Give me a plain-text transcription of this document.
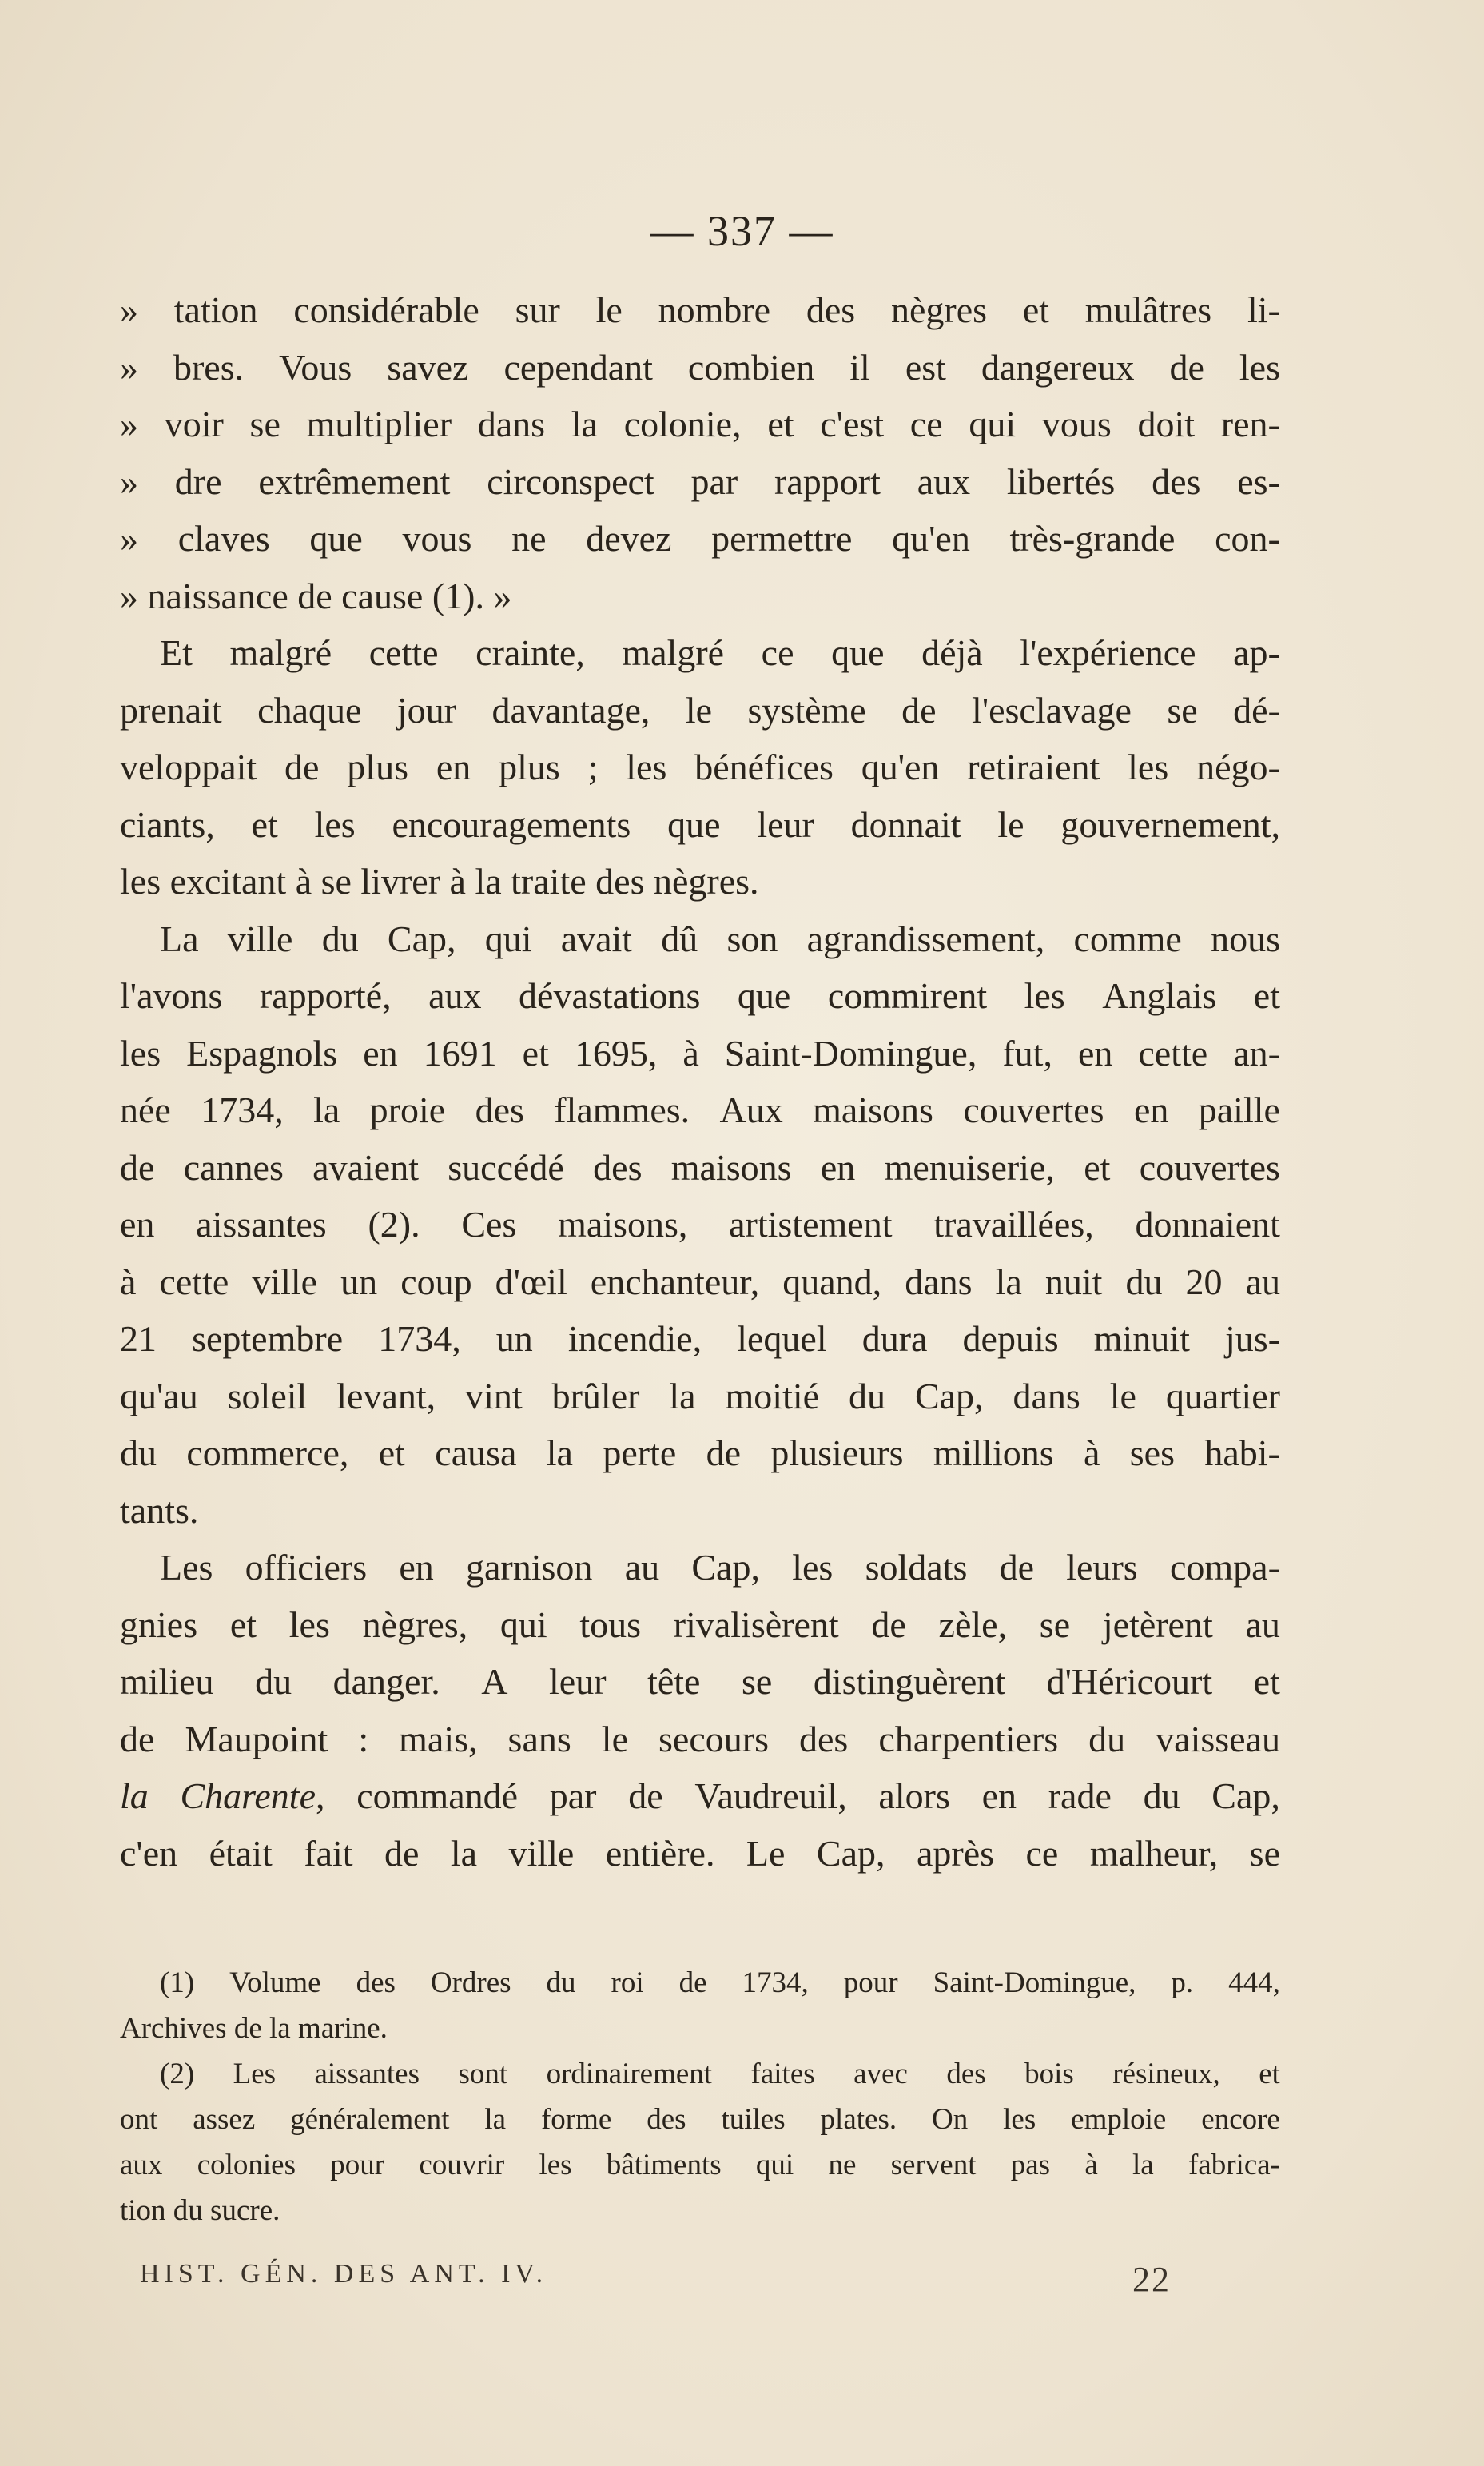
— 337 —
» tation considérable sur le nombre des nègres et mulâtres li-
» bres. Vous savez cependant combien il est dangereux de les
» voir se multiplier dans la colonie, et c'est ce qui vous doit ren-
» dre extrêmement circonspect par rapport aux libertés des es-
» claves que vous ne devez permettre qu'en très-grande con-
» naissance de cause (1). »
Et malgré cette crainte, malgré ce que déjà l'expérience ap-
prenait chaque jour davantage, le système de l'esclavage se dé-
veloppait de plus en plus ; les bénéfices qu'en retiraient les négo-
ciants, et les encouragements que leur donnait le gouvernement,
les excitant à se livrer à la traite des nègres.
La ville du Cap, qui avait dû son agrandissement, comme nous
l'avons rapporté, aux dévastations que commirent les Anglais et
les Espagnols en 1691 et 1695, à Saint-Domingue, fut, en cette an-
née 1734, la proie des flammes. Aux maisons couvertes en paille
de cannes avaient succédé des maisons en menuiserie, et couvertes
en aissantes (2). Ces maisons, artistement travaillées, donnaient
à cette ville un coup d'œil enchanteur, quand, dans la nuit du 20 au
21 septembre 1734, un incendie, lequel dura depuis minuit jus-
qu'au soleil levant, vint brûler la moitié du Cap, dans le quartier
du commerce, et causa la perte de plusieurs millions à ses habi-
tants.
Les officiers en garnison au Cap, les soldats de leurs compa-
gnies et les nègres, qui tous rivalisèrent de zèle, se jetèrent au
milieu du danger. A leur tête se distinguèrent d'Héricourt et
de Maupoint : mais, sans le secours des charpentiers du vaisseau
la Charente, commandé par de Vaudreuil, alors en rade du Cap,
c'en était fait de la ville entière. Le Cap, après ce malheur, se
(1) Volume des Ordres du roi de 1734, pour Saint-Domingue, p. 444,
Archives de la marine.
(2) Les aissantes sont ordinairement faites avec des bois résineux, et
ont assez généralement la forme des tuiles plates. On les emploie encore
aux colonies pour couvrir les bâtiments qui ne servent pas à la fabrica-
tion du sucre.
HIST. GÉN. DES ANT. IV.	22
